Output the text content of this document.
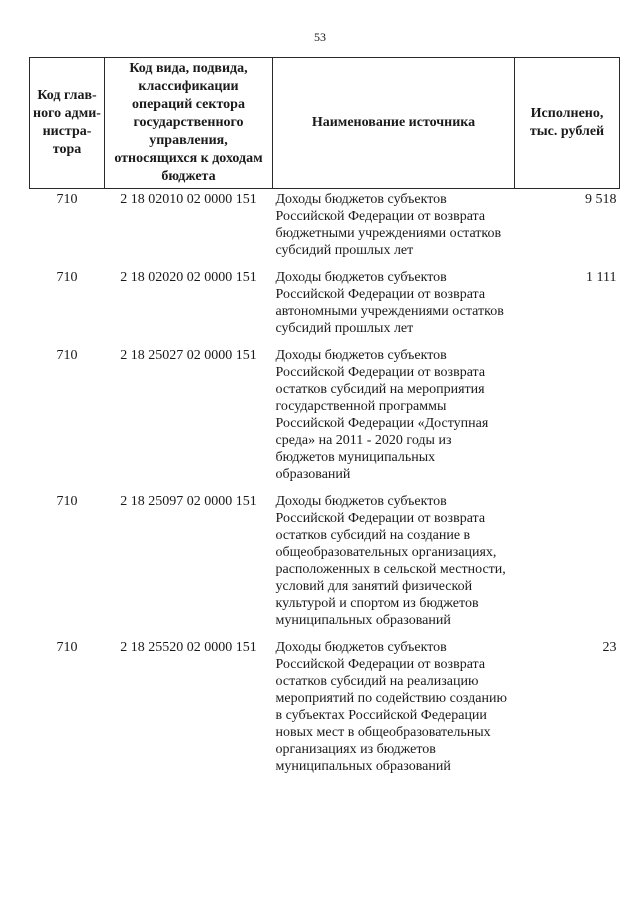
53
Код глав-ного адми-нистра-тора	Код вида, подвида, классификации операций сектора государственного управления, относящихся к доходам бюджета	Наименование источника	Исполнено, тыс. рублей
710	2 18 02010 02 0000 151	Доходы бюджетов субъектов Российской Федерации от возврата бюджетными учреждениями остатков субсидий прошлых лет	9 518
710	2 18 02020 02 0000 151	Доходы бюджетов субъектов Российской Федерации от возврата автономными учреждениями остатков субсидий прошлых лет	1 111
710	2 18 25027 02 0000 151	Доходы бюджетов субъектов Российской Федерации от возврата остатков субсидий на мероприятия государственной программы Российской Федерации «Доступная среда» на 2011 - 2020 годы из бюджетов муниципальных образований	
710	2 18 25097 02 0000 151	Доходы бюджетов субъектов Российской Федерации от возврата остатков субсидий на создание в общеобразовательных организациях, расположенных в сельской местности, условий для занятий физической культурой и спортом из бюджетов муниципальных образований	
710	2 18 25520 02 0000 151	Доходы бюджетов субъектов Российской Федерации от возврата остатков субсидий на реализацию мероприятий по содействию созданию в субъектах Российской Федерации новых мест в общеобразовательных организациях из бюджетов муниципальных образований	23
